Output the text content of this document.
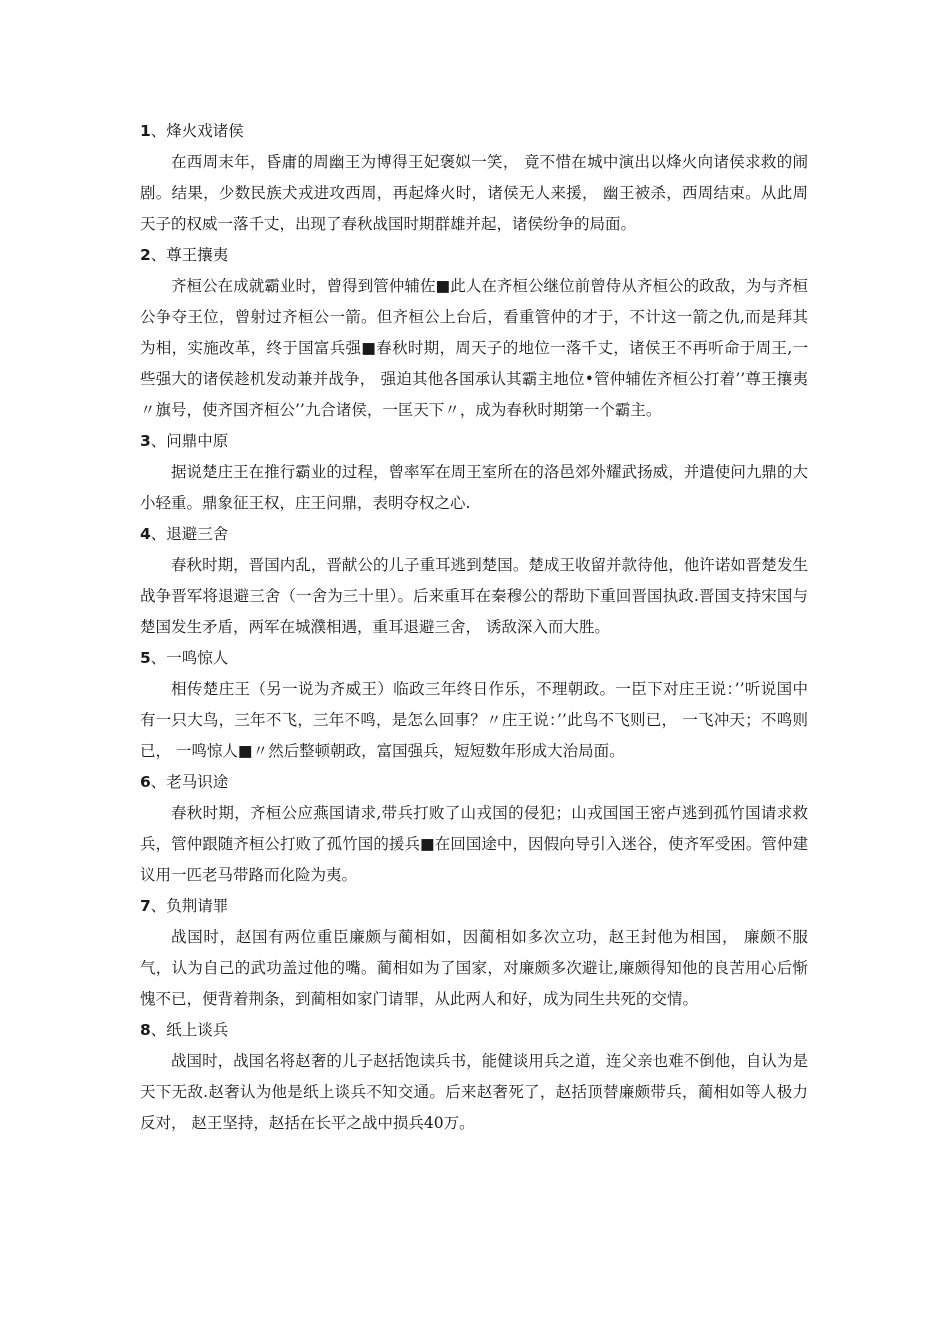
1、烽火戏诸侯

在西周末年，昏庸的周幽王为博得王妃褒姒一笑， 竟不惜在城中演出以烽火向诸侯求救的闹剧。结果，少数民族犬戎进攻西周，再起烽火时，诸侯无人来援， 幽王被杀，西周结束。从此周天子的权威一落千丈，出现了春秋战国时期群雄并起，诸侯纷争的局面。

2、尊王攘夷

齐桓公在成就霸业时，曾得到管仲辅佐■此人在齐桓公继位前曾侍从齐桓公的政敌，为与齐桓公争夺王位，曾射过齐桓公一箭。但齐桓公上台后，看重管仲的才于，不计这一箭之仇,而是拜其为相，实施改革，终于国富兵强■春秋时期，周天子的地位一落千丈，诸侯王不再听命于周王,一些强大的诸侯趁机发动兼并战争， 强迫其他各国承认其霸主地位•管仲辅佐齐桓公打着’’尊王攘夷〃旗号，使齐国齐桓公’’九合诸侯，一匡天下〃，成为春秋时期第一个霸主。

3、问鼎中原

据说楚庄王在推行霸业的过程，曾率军在周王室所在的洛邑郊外耀武扬威，并遣使问九鼎的大小轻重。鼎象征王权，庄王问鼎，表明夺权之心.

4、退避三舍

春秋时期，晋国内乱，晋献公的儿子重耳逃到楚国。楚成王收留并款待他，他许诺如晋楚发生战争晋军将退避三舍（一舍为三十里）。后来重耳在秦穆公的帮助下重回晋国执政.晋国支持宋国与楚国发生矛盾，两军在城濮相遇，重耳退避三舍， 诱敌深入而大胜。

5、一鸣惊人

相传楚庄王（另一说为齐威王）临政三年终日作乐，不理朝政。一臣下对庄王说：’’听说国中有一只大鸟，三年不飞，三年不鸣，是怎么回事？〃庄王说：’’此鸟不飞则已， 一飞冲天；不鸣则已， 一鸣惊人■〃然后整顿朝政，富国强兵，短短数年形成大治局面。

6、老马识途

春秋时期，齐桓公应燕国请求,带兵打败了山戎国的侵犯；山戎国国王密卢逃到孤竹国请求救兵，管仲跟随齐桓公打败了孤竹国的援兵■在回国途中，因假向导引入迷谷，使齐军受困。管仲建议用一匹老马带路而化险为夷。

7、负荆请罪

战国时，赵国有两位重臣廉颇与蔺相如，因蔺相如多次立功，赵王封他为相国， 廉颇不服气，认为自己的武功盖过他的嘴。蔺相如为了国家，对廉颇多次避让,廉颇得知他的良苦用心后惭愧不已，便背着荆条，到蔺相如家门请罪，从此两人和好，成为同生共死的交情。

8、纸上谈兵

战国时，战国名将赵奢的儿子赵括饱读兵书，能健谈用兵之道，连父亲也难不倒他，自认为是天下无敌.赵奢认为他是纸上谈兵不知交通。后来赵奢死了，赵括顶替廉颇带兵，蔺相如等人极力反对， 赵王坚持，赵括在长平之战中损兵40万。
